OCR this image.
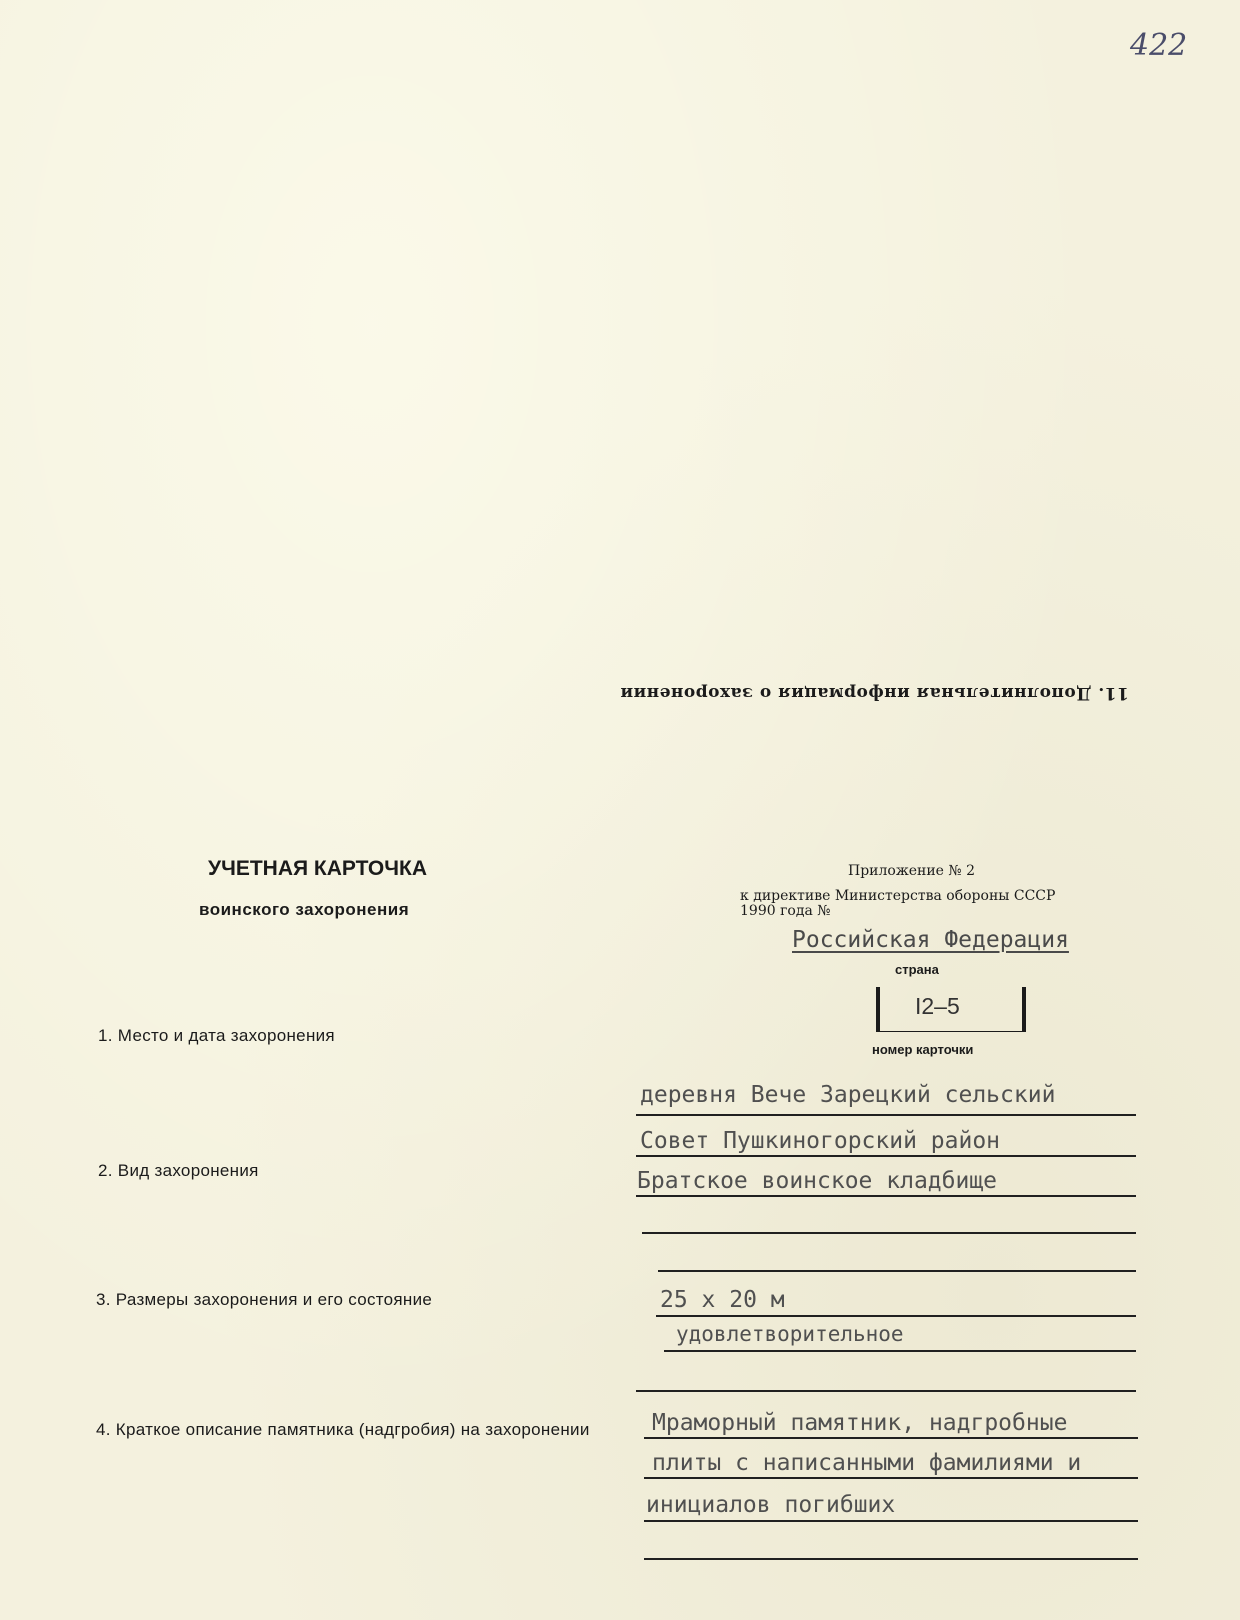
422
11. Дополнительная информация о захоронении
УЧЕТНАЯ КАРТОЧКА
воинского захоронения
Приложение № 2
к директиве Министерства обороны СССР
1990 года №
Российская Федерация
страна
I2–5
номер карточки
1. Место и дата захоронения
2. Вид захоронения
3. Размеры захоронения и его состояние
4. Краткое описание памятника (надгробия) на захоронении
деревня Вече Зарецкий сельский
Совет Пушкиногорский район
Братское воинское кладбище
25 х 20 м
удовлетворительное
Мраморный памятник, надгробные
плиты с написанными фамилиями и
инициалов погибших
